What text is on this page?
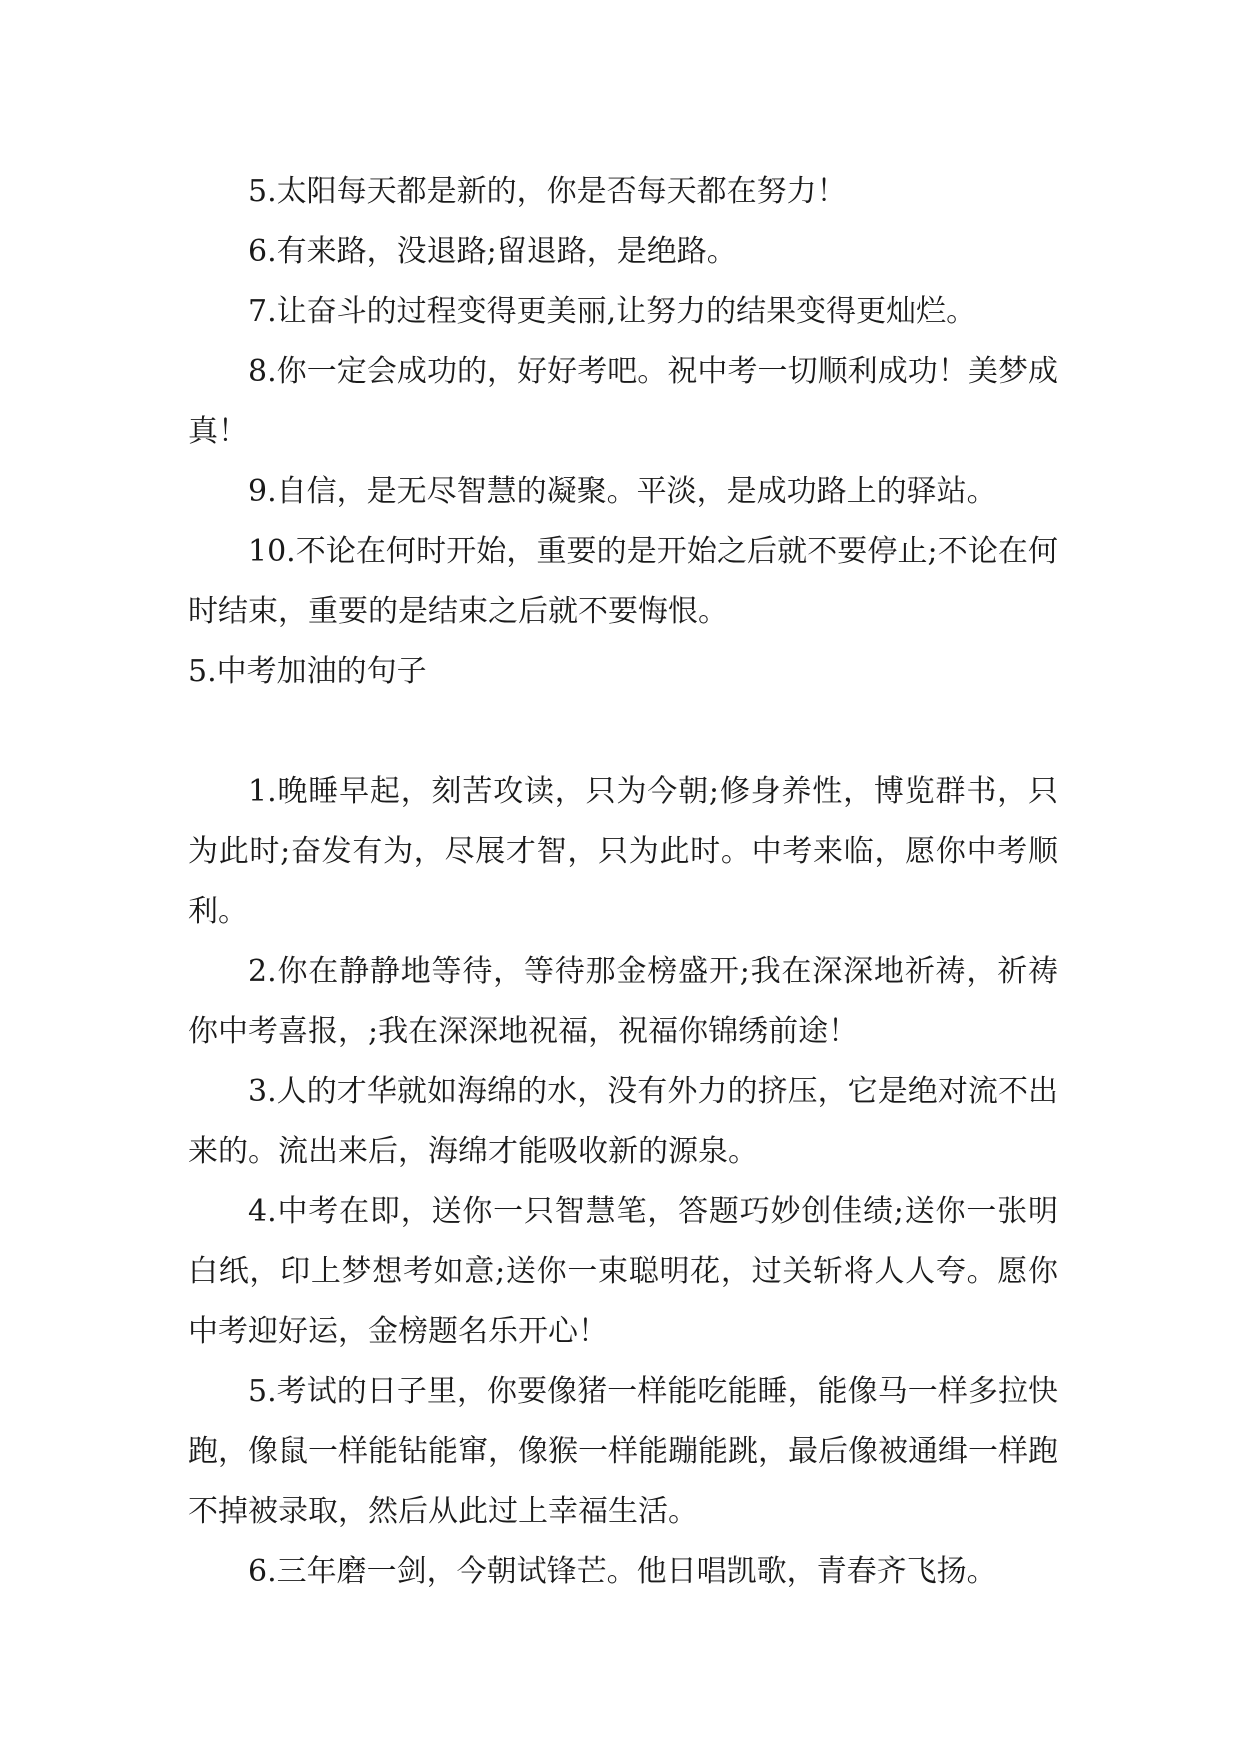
5.太阳每天都是新的，你是否每天都在努力！

6.有来路，没退路;留退路，是绝路。

7.让奋斗的过程变得更美丽,让努力的结果变得更灿烂。

8.你一定会成功的，好好考吧。祝中考一切顺利成功！美梦成真！

9.自信，是无尽智慧的凝聚。平淡，是成功路上的驿站。

10.不论在何时开始，重要的是开始之后就不要停止;不论在何时结束，重要的是结束之后就不要悔恨。

5.中考加油的句子

1.晚睡早起，刻苦攻读，只为今朝;修身养性，博览群书，只为此时;奋发有为，尽展才智，只为此时。中考来临，愿你中考顺利。

2.你在静静地等待，等待那金榜盛开;我在深深地祈祷，祈祷你中考喜报，;我在深深地祝福，祝福你锦绣前途！

3.人的才华就如海绵的水，没有外力的挤压，它是绝对流不出来的。流出来后，海绵才能吸收新的源泉。

4.中考在即，送你一只智慧笔，答题巧妙创佳绩;送你一张明白纸，印上梦想考如意;送你一束聪明花，过关斩将人人夸。愿你中考迎好运，金榜题名乐开心！

5.考试的日子里，你要像猪一样能吃能睡，能像马一样多拉快跑，像鼠一样能钻能窜，像猴一样能蹦能跳，最后像被通缉一样跑不掉被录取，然后从此过上幸福生活。

6.三年磨一剑，今朝试锋芒。他日唱凯歌，青春齐飞扬。
